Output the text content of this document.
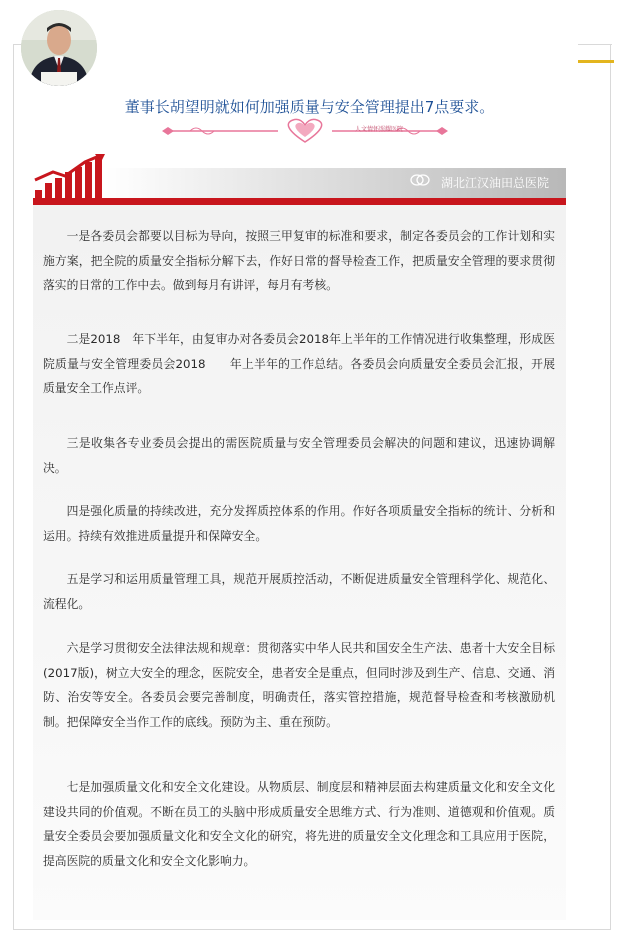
董事长胡望明就如何加强质量与安全管理提出7点要求。
人文情怀照耀医院
湖北江汉油田总医院

一是各委员会都要以目标为导向，按照三甲复审的标准和要求，制定各委员会的工作计划和实施方案，把全院的质量安全指标分解下去，作好日常的督导检查工作，把质量安全管理的要求贯彻落实的日常的工作中去。做到每月有讲评，每月有考核。

二是2018　年下半年，由复审办对各委员会2018年上半年的工作情况进行收集整理，形成医院质量与安全管理委员会2018　　年上半年的工作总结。各委员会向质量安全委员会汇报，开展质量安全工作点评。

三是收集各专业委员会提出的需医院质量与安全管理委员会解决的问题和建议，迅速协调解决。

四是强化质量的持续改进，充分发挥质控体系的作用。作好各项质量安全指标的统计、分析和运用。持续有效推进质量提升和保障安全。

五是学习和运用质量管理工具，规范开展质控活动，不断促进质量安全管理科学化、规范化、流程化。

六是学习贯彻安全法律法规和规章：贯彻落实中华人民共和国安全生产法、患者十大安全目标(2017版)，树立大安全的理念，医院安全，患者安全是重点，但同时涉及到生产、信息、交通、消防、治安等安全。各委员会要完善制度，明确责任，落实管控措施，规范督导检查和考核激励机制。把保障安全当作工作的底线。预防为主、重在预防。

七是加强质量文化和安全文化建设。从物质层、制度层和精神层面去构建质量文化和安全文化建设共同的价值观。不断在员工的头脑中形成质量安全思维方式、行为准则、道德观和价值观。质量安全委员会要加强质量文化和安全文化的研究，将先进的质量安全文化理念和工具应用于医院，提高医院的质量文化和安全文化影响力。
